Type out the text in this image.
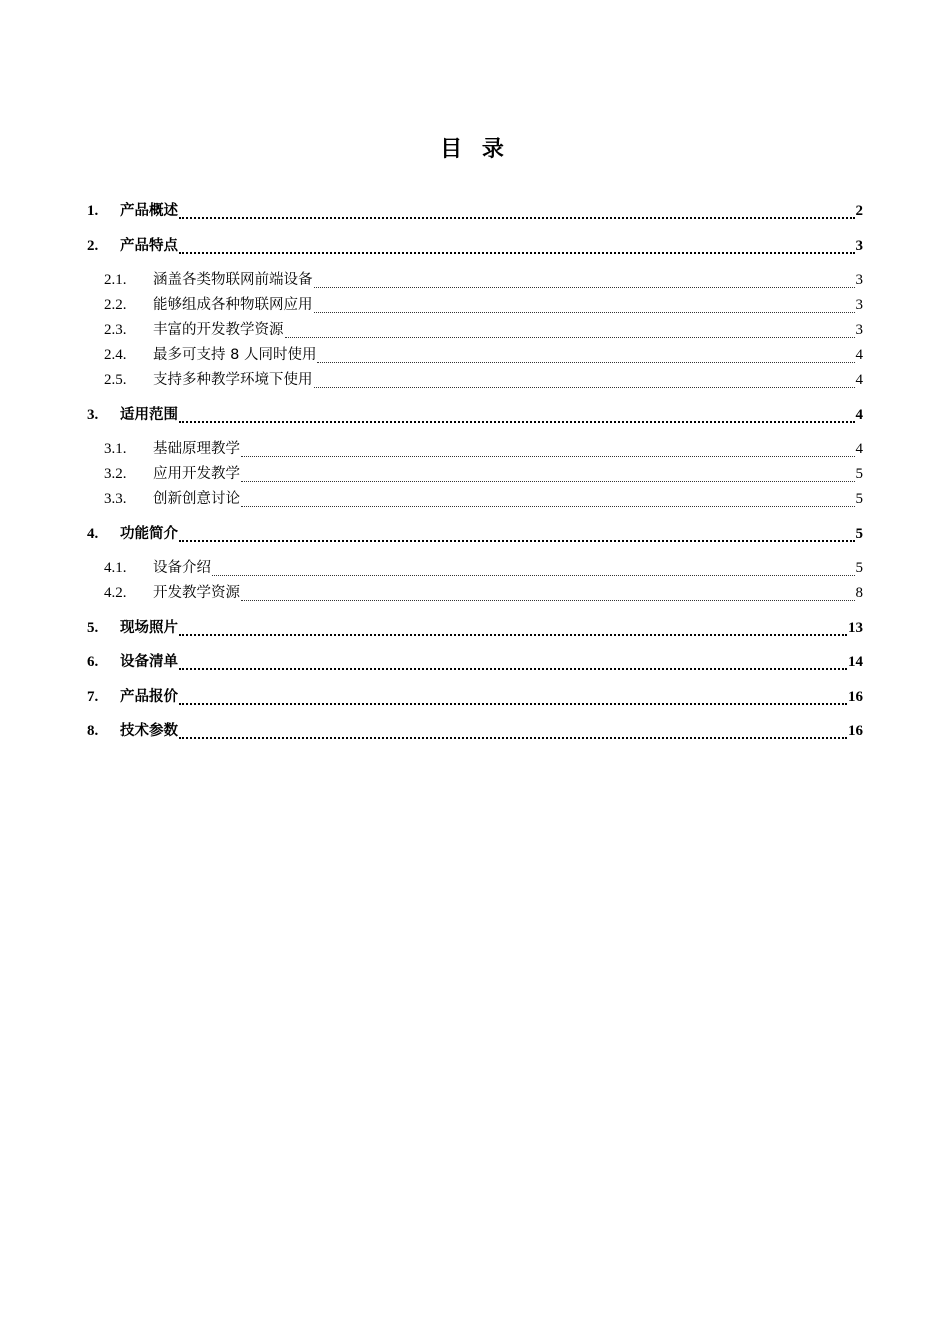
目 录
1.	产品概述	2
2.	产品特点	3
2.1.	涵盖各类物联网前端设备	3
2.2.	能够组成各种物联网应用	3
2.3.	丰富的开发教学资源	3
2.4.	最多可支持 8 人同时使用	4
2.5.	支持多种教学环境下使用	4
3.	适用范围	4
3.1.	基础原理教学	4
3.2.	应用开发教学	5
3.3.	创新创意讨论	5
4.	功能简介	5
4.1.	设备介绍	5
4.2.	开发教学资源	8
5.	现场照片	13
6.	设备清单	14
7.	产品报价	16
8.	技术参数	16
